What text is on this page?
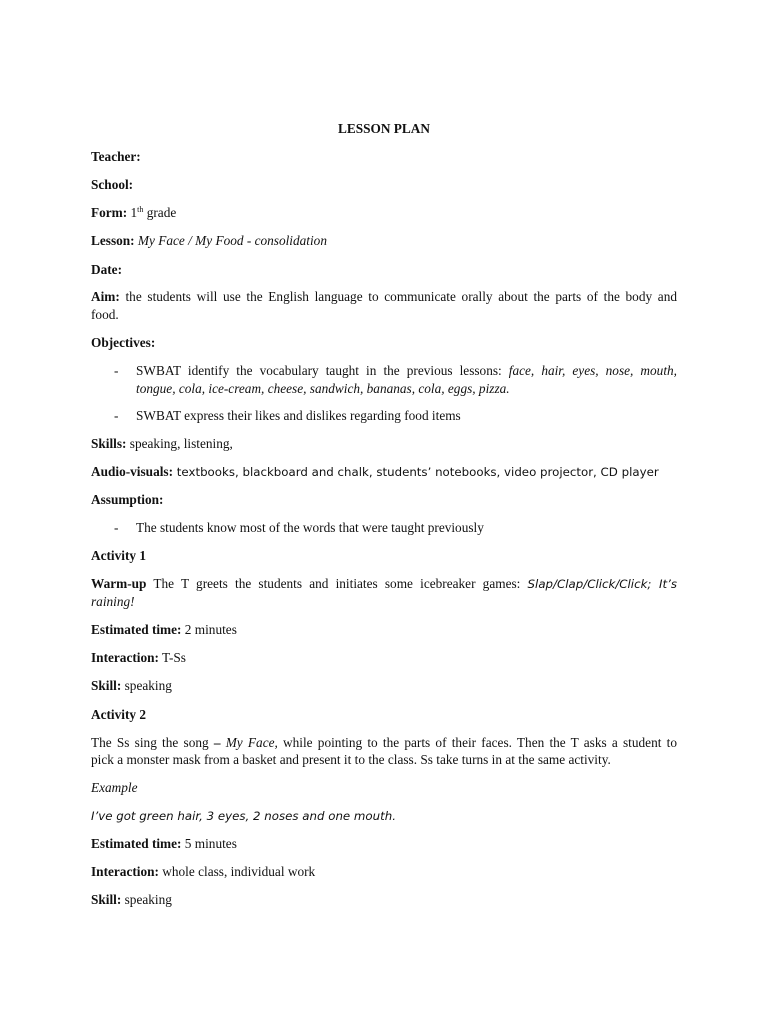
LESSON PLAN
Teacher:
School:
Form: 1th grade
Lesson: My Face / My Food - consolidation
Date:
Aim: the students will use the English language to communicate orally about the parts of the body and
food.
Objectives:
- SWBAT identify the vocabulary taught in the previous lessons: face, hair, eyes, nose, mouth,
tongue, cola, ice-cream, cheese, sandwich, bananas, cola, eggs, pizza.
- SWBAT express their likes and dislikes regarding food items
Skills: speaking, listening,
Audio-visuals: textbooks, blackboard and chalk, students’ notebooks, video projector, CD player
Assumption:
- The students know most of the words that were taught previously
Activity 1
Warm-up The T greets the students and initiates some icebreaker games: Slap/Clap/Click/Click; It’s
raining!
Estimated time: 2 minutes
Interaction: T-Ss
Skill: speaking
Activity 2
The Ss sing the song – My Face, while pointing to the parts of their faces. Then the T asks a student to
pick a monster mask from a basket and present it to the class. Ss take turns in at the same activity.
Example
I’ve got green hair, 3 eyes, 2 noses and one mouth.
Estimated time: 5 minutes
Interaction: whole class, individual work
Skill: speaking
